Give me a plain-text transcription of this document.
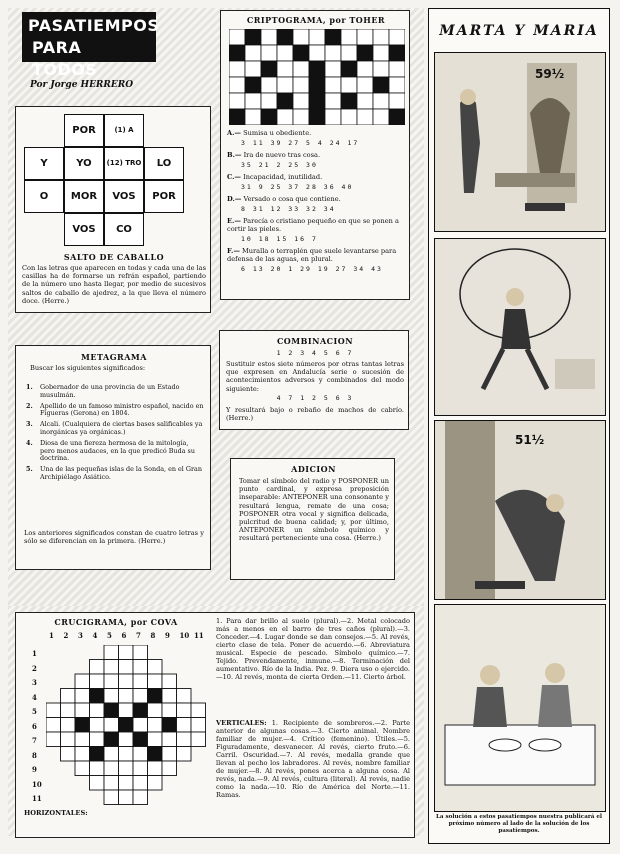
PASATIEMPOS
PARA TODOS
Por Jorge HERRERO
POR	(1) A
Y	YO	(12) TRO	LO
O	MOR	VOS	POR
VOS	CO
SALTO DE CABALLO
Con las letras que aparecen en todas y cada una de las casillas ha de formarse un refrán español, partiendo de la número uno hasta llegar, por medio de sucesivos saltos de caballo de ajedrez, a la que lleva el número doce. (Herre.)
CRIPTOGRAMA, por TOHER
A.— Sumisa u obediente.
3 11 39 27 5 4 24 17
B.— Ira de nuevo tras cosa.
35 21 2 25 30
C.— Incapacidad, inutilidad.
31 9 25 37 28 36 40
D.— Versado o cosa que contiene.
8 31 12 33 32 34
E.— Parecía o cristiano pequeño en que se ponen a cortir las pieles.
10 18 15 16 7
F.— Muralla o terraplén que suele levantarse para defensa de las aguas, en plural.
6 13 20 1 29 19 27 34 43
METAGRAMA
Buscar los siguientes significados:
1.	Gobernador de una provincia de un Estado musulmán.
2.	Apellido de un famoso ministro español, nacido en Figueras (Gerona) en 1804.
3.	Alcali. (Cualquiera de ciertas bases salificables ya inorgánicas ya orgánicas.)
4.	Diosa de una fiereza hermosa de la mitología, pero menos audaces, en la que predicó Buda su doctrina.
5.	Una de las pequeñas islas de la Sonda, en el Gran Archipiélago Asiático.
Los anteriores significados constan de cuatro letras y sólo se diferencian en la primera. (Herre.)
COMBINACION
1 2 3 4 5 6 7
Sustituir estos siete números por otras tantas letras que expresen en Andalucía serie o sucesión de acontecimientos adversos y combinados del modo siguiente:
4 7 1 2 5 6 3
Y resultará bajo o rebaño de machos de cabrío. (Herre.)
ADICION
Tomar el símbolo del radio y POSPONER un punto cardinal, y expresa preposición inseparable: ANTEPONER una consonante y resultará lengua, remate de una cosa; POSPONER otra vocal y significa delicada, pulcritud de buena calidad; y, por último, ANTEPONER un símbolo químico y resultará perteneciente una cosa. (Herre.)
CRUCIGRAMA, por COVA
1 2 3 4 5 6 7 8 9 10 11
1
2
3
4
5
6
7
8
9
10
11
HORIZONTALES:
1. Para dar brillo al suelo (plural).—2. Metal colocado más a menos en el barro de tres caños (plural).—3. Conceder.—4. Lugar donde se dan consejos.—5. Al revés, cierto clase de tela. Poner de acuerdo.—6. Abreviatura musical. Especie de pescado. Símbolo químico.—7. Tejido. Prevendamente, inmune.—8. Terminación del aumentativo. Río de la India. Pez. 9. Diera uso o ejercido.—10. Al revés, monta de cierta Orden.—11. Cierto árbol.
VERTICALES: 1. Recipiente de sombreros.—2. Parte anterior de algunas cosas.—3. Cierto animal. Nombre familiar de mujer.—4. Crítico (femenino). Útiles.—5. Figuradamente, desvanecer. Al revés, cierto fruto.—6. Carril. Oscuridad.—7. Al revés, medalla grande que llevan al pecho los labradores. Al revés, nombre familiar de mujer.—8. Al revés, pones acerca a alguna cosa. Al revés, nada.—9. Al revés, cultura (literal). Al revés, nadie como la nada.—10. Río de América del Norte.—11. Ramas.
MARTA Y MARIA
59½
51½
La solución a estos pasatiempos nuestra publicará el próximo número al lado de la solución de los pasatiempos.
